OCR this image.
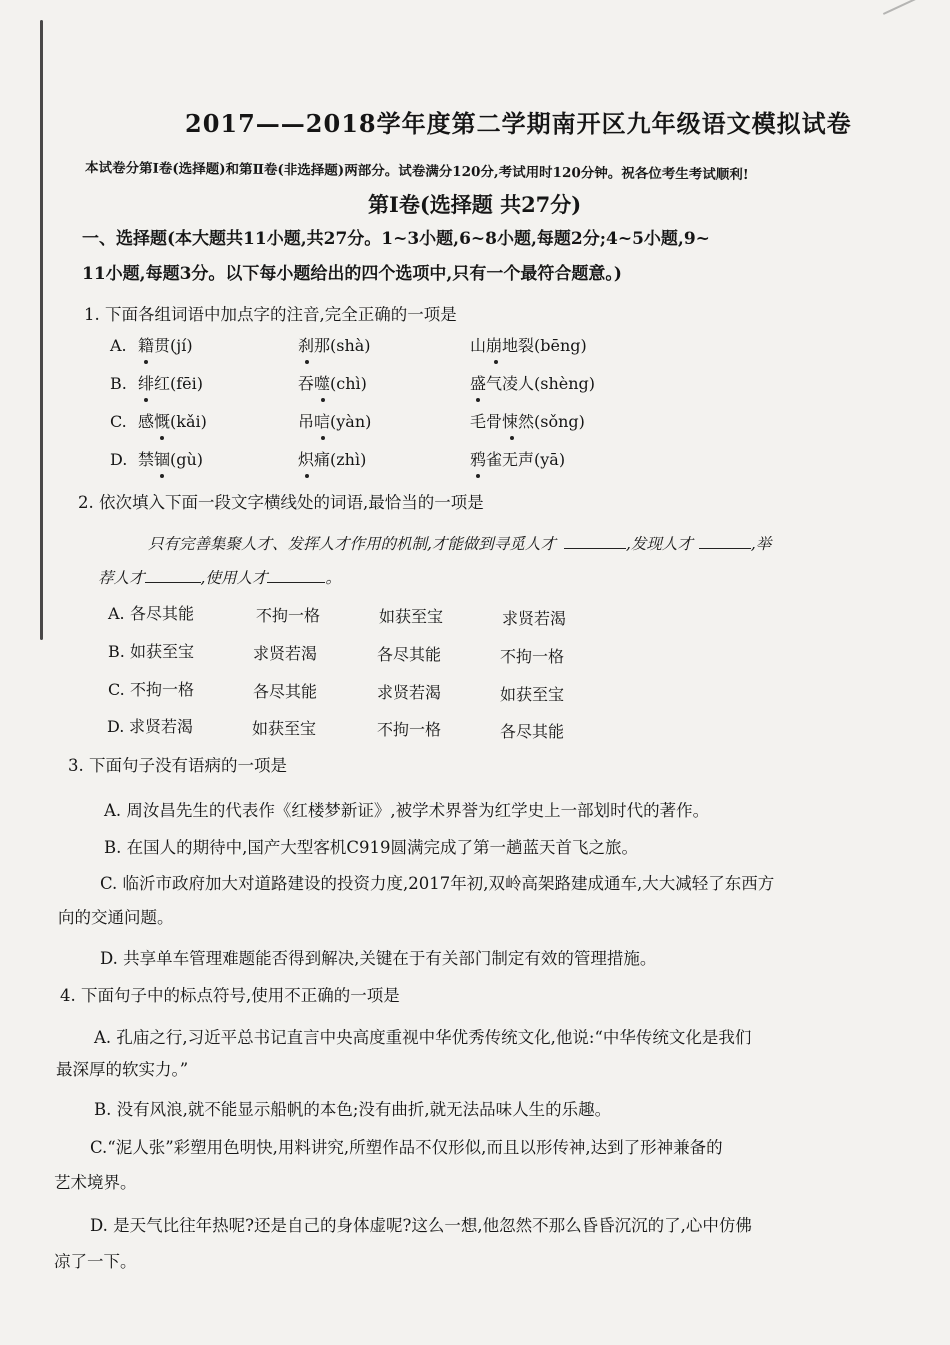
2017——2018学年度第二学期南开区九年级语文模拟试卷
本试卷分第Ⅰ卷(选择题)和第Ⅱ卷(非选择题)两部分。试卷满分120分,考试用时120分钟。祝各位考生考试顺利!
第Ⅰ卷(选择题 共27分)
一、选择题(本大题共11小题,共27分。1~3小题,6~8小题,每题2分;4~5小题,9~
11小题,每题3分。以下每小题给出的四个选项中,只有一个最符合题意。)
1. 下面各组词语中加点字的注音,完全正确的一项是
A. 籍贯(jí)	刹那(shà)	山崩地裂(bēng)
B. 绯红(fēi)	吞噬(chì)	盛气凌人(shèng)
C. 感慨(kǎi)	吊唁(yàn)	毛骨悚然(sǒng)
D. 禁锢(gù)	炽痛(zhì)	鸦雀无声(yā)
2. 依次填入下面一段文字横线处的词语,最恰当的一项是
只有完善集聚人才、发挥人才作用的机制,才能做到寻觅人才	,发现人才	,举
荐人才	,使用人才	。
A. 各尽其能	不拘一格	如获至宝	求贤若渴
B. 如获至宝	求贤若渴	各尽其能	不拘一格
C. 不拘一格	各尽其能	求贤若渴	如获至宝
D. 求贤若渴	如获至宝	不拘一格	各尽其能
3. 下面句子没有语病的一项是
A. 周汝昌先生的代表作《红楼梦新证》,被学术界誉为红学史上一部划时代的著作。
B. 在国人的期待中,国产大型客机C919圆满完成了第一趟蓝天首飞之旅。
C. 临沂市政府加大对道路建设的投资力度,2017年初,双岭高架路建成通车,大大减轻了东西方
向的交通问题。
D. 共享单车管理难题能否得到解决,关键在于有关部门制定有效的管理措施。
4. 下面句子中的标点符号,使用不正确的一项是
A. 孔庙之行,习近平总书记直言中央高度重视中华优秀传统文化,他说:“中华传统文化是我们
最深厚的软实力。”
B. 没有风浪,就不能显示船帆的本色;没有曲折,就无法品味人生的乐趣。
C.“泥人张”彩塑用色明快,用料讲究,所塑作品不仅形似,而且以形传神,达到了形神兼备的
艺术境界。
D. 是天气比往年热呢?还是自己的身体虚呢?这么一想,他忽然不那么昏昏沉沉的了,心中仿佛
凉了一下。
